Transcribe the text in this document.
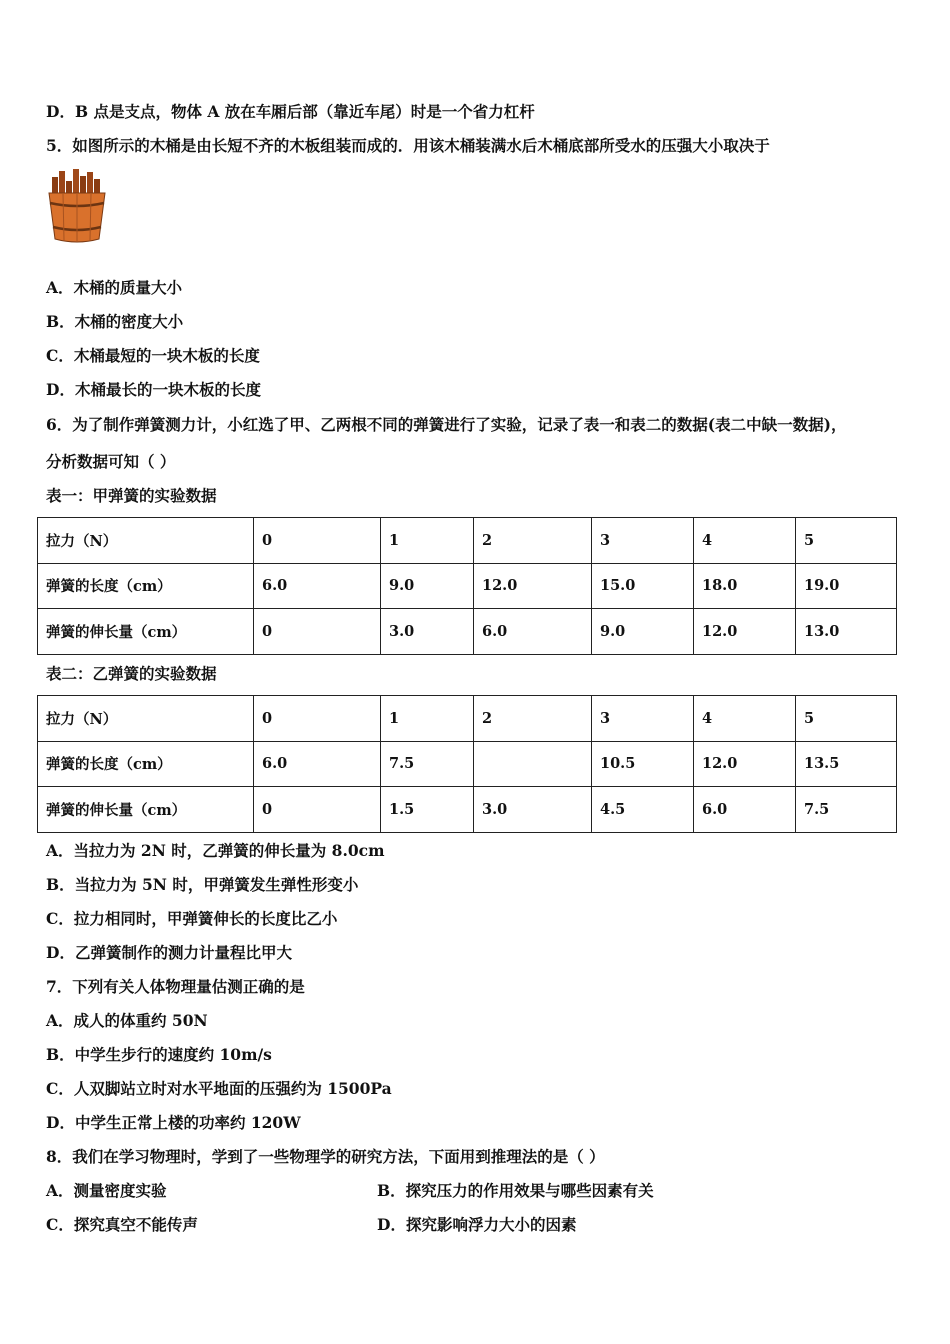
D．B 点是支点，物体 A 放在车厢后部（靠近车尾）时是一个省力杠杆
5．如图所示的木桶是由长短不齐的木板组装而成的．用该木桶装满水后木桶底部所受水的压强大小取决于
A．木桶的质量大小
B．木桶的密度大小
C．木桶最短的一块木板的长度
D．木桶最长的一块木板的长度
6．为了制作弹簧测力计，小红选了甲、乙两根不同的弹簧进行了实验，记录了表一和表二的数据(表二中缺一数据)，
分析数据可知（ ）
表一：甲弹簧的实验数据
拉力（N）	0	1	2	3	4	5
弹簧的长度（cm）	6.0	9.0	12.0	15.0	18.0	19.0
弹簧的伸长量（cm）	0	3.0	6.0	9.0	12.0	13.0
表二：乙弹簧的实验数据
拉力（N）	0	1	2	3	4	5
弹簧的长度（cm）	6.0	7.5		10.5	12.0	13.5
弹簧的伸长量（cm）	0	1.5	3.0	4.5	6.0	7.5
A．当拉力为 2N 时，乙弹簧的伸长量为 8.0cm
B．当拉力为 5N 时，甲弹簧发生弹性形变小
C．拉力相同时，甲弹簧伸长的长度比乙小
D．乙弹簧制作的测力计量程比甲大
7．下列有关人体物理量估测正确的是
A．成人的体重约 50N
B．中学生步行的速度约 10m/s
C．人双脚站立时对水平地面的压强约为 1500Pa
D．中学生正常上楼的功率约 120W
8．我们在学习物理时，学到了一些物理学的研究方法，下面用到推理法的是（ ）
A．测量密度实验	B．探究压力的作用效果与哪些因素有关
C．探究真空不能传声	D．探究影响浮力大小的因素
